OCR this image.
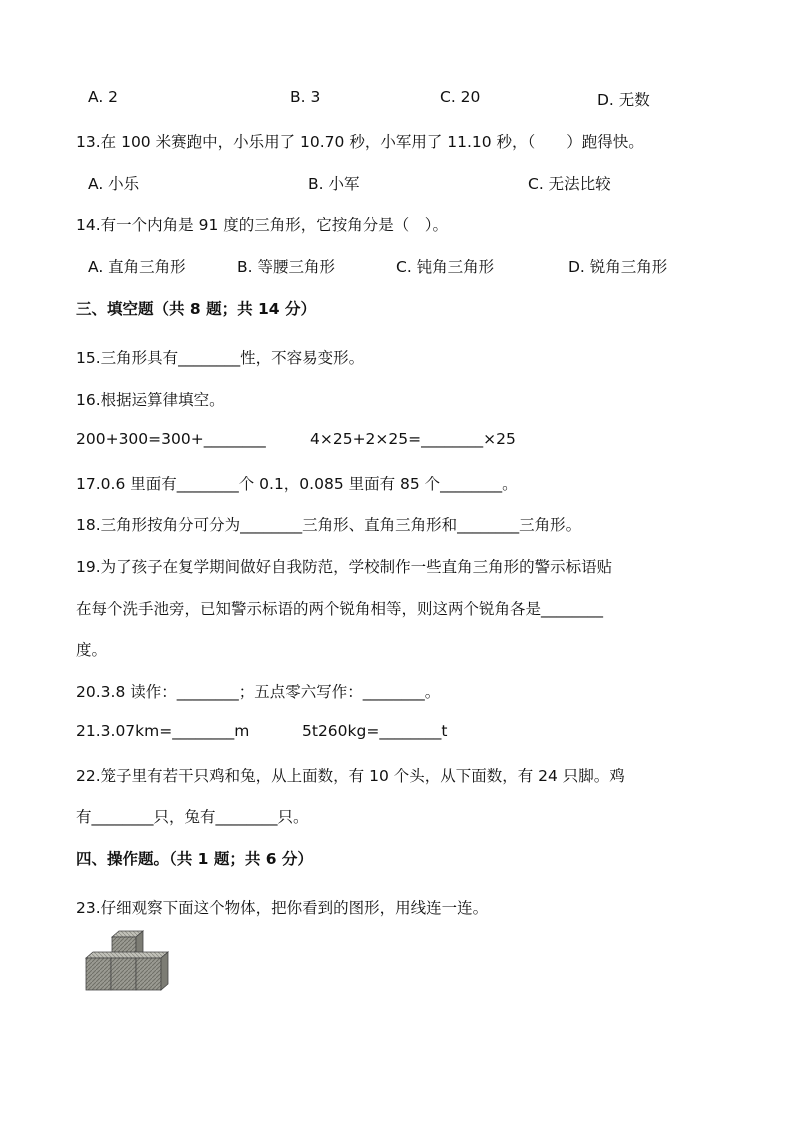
A. 2	B. 3	C. 20	D. 无数
13.在 100 米赛跑中，小乐用了 10.70 秒，小军用了 11.10 秒，（　　）跑得快。
A. 小乐	B. 小军	C. 无法比较
14.有一个内角是 91 度的三角形，它按角分是（　）。
A. 直角三角形	B. 等腰三角形	C. 钝角三角形	D. 锐角三角形
三、填空题（共 8 题；共 14 分）
15.三角形具有________性，不容易变形。
16.根据运算律填空。
200+300=300+________	4×25+2×25=________×25
17.0.6 里面有________个 0.1，0.085 里面有 85 个________。
18.三角形按角分可分为________三角形、直角三角形和________三角形。
19.为了孩子在复学期间做好自我防范，学校制作一些直角三角形的警示标语贴
在每个洗手池旁，已知警示标语的两个锐角相等，则这两个锐角各是________
度。
20.3.8 读作：________；五点零六写作：________。
21.3.07km=________m	5t260kg=________t
22.笼子里有若干只鸡和兔，从上面数，有 10 个头，从下面数，有 24 只脚。鸡
有________只，兔有________只。
四、操作题。（共 1 题；共 6 分）
23.仔细观察下面这个物体，把你看到的图形，用线连一连。
